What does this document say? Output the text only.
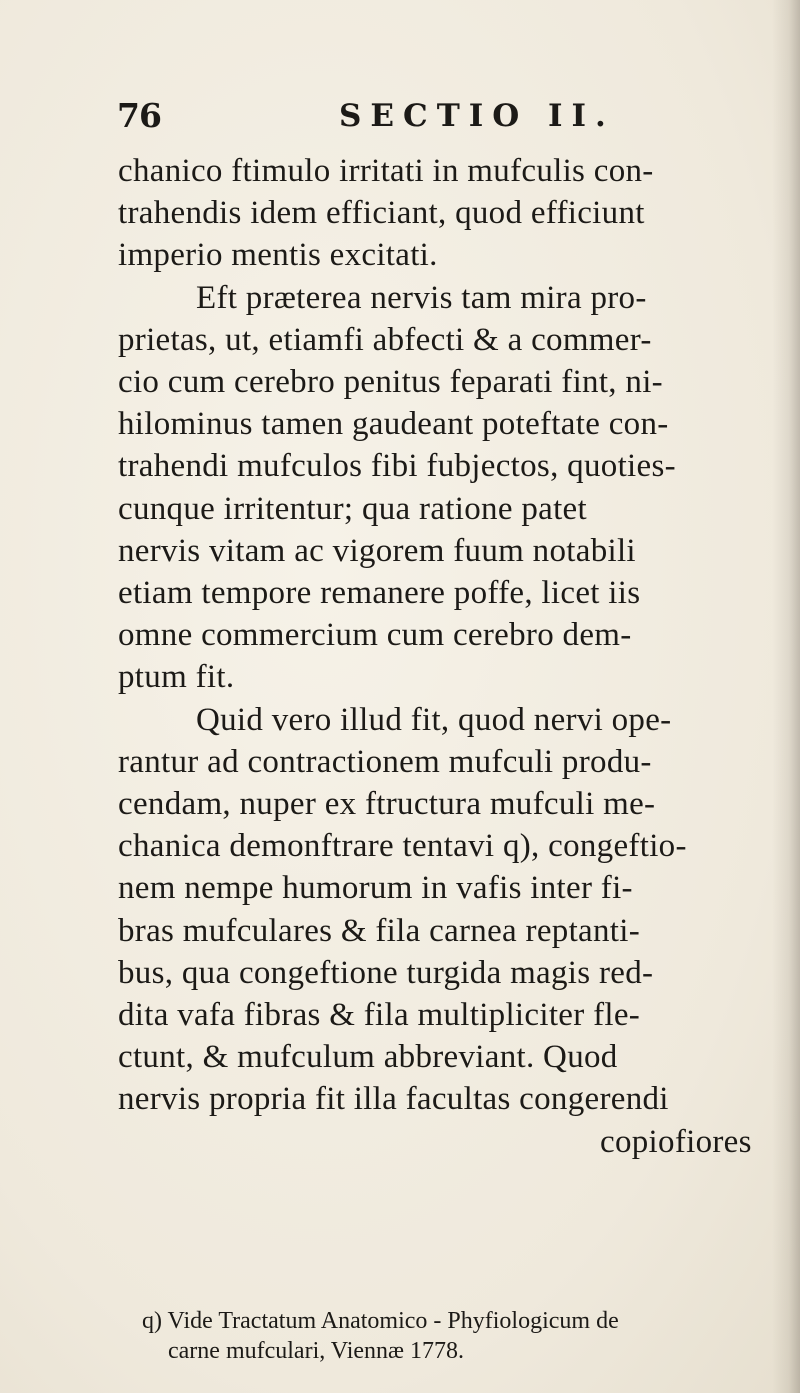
76	SECTIO II.

chanico ftimulo irritati in mufculis con-

trahendis idem efficiant, quod efficiunt

imperio mentis excitati.

Eft præterea nervis tam mira pro-

prietas, ut, etiamfi abfecti & a commer-

cio cum cerebro penitus feparati fint, ni-

hilominus tamen gaudeant poteftate con-

trahendi mufculos fibi fubjectos, quoties-

cunque irritentur; qua ratione patet

nervis vitam ac vigorem fuum notabili

etiam tempore remanere poffe, licet iis

omne commercium cum cerebro dem-

ptum fit.

Quid vero illud fit, quod nervi ope-

rantur ad contractionem mufculi produ-

cendam, nuper ex ftructura mufculi me-

chanica demonftrare tentavi q), congeftio-

nem nempe humorum in vafis inter fi-

bras mufculares & fila carnea reptanti-

bus, qua congeftione turgida magis red-

dita vafa fibras & fila multipliciter fle-

ctunt, & mufculum abbreviant. Quod

nervis propria fit illa facultas congerendi

copiofiores

q) Vide Tractatum Anatomico - Phyfiologicum de

carne mufculari, Viennæ 1778.
